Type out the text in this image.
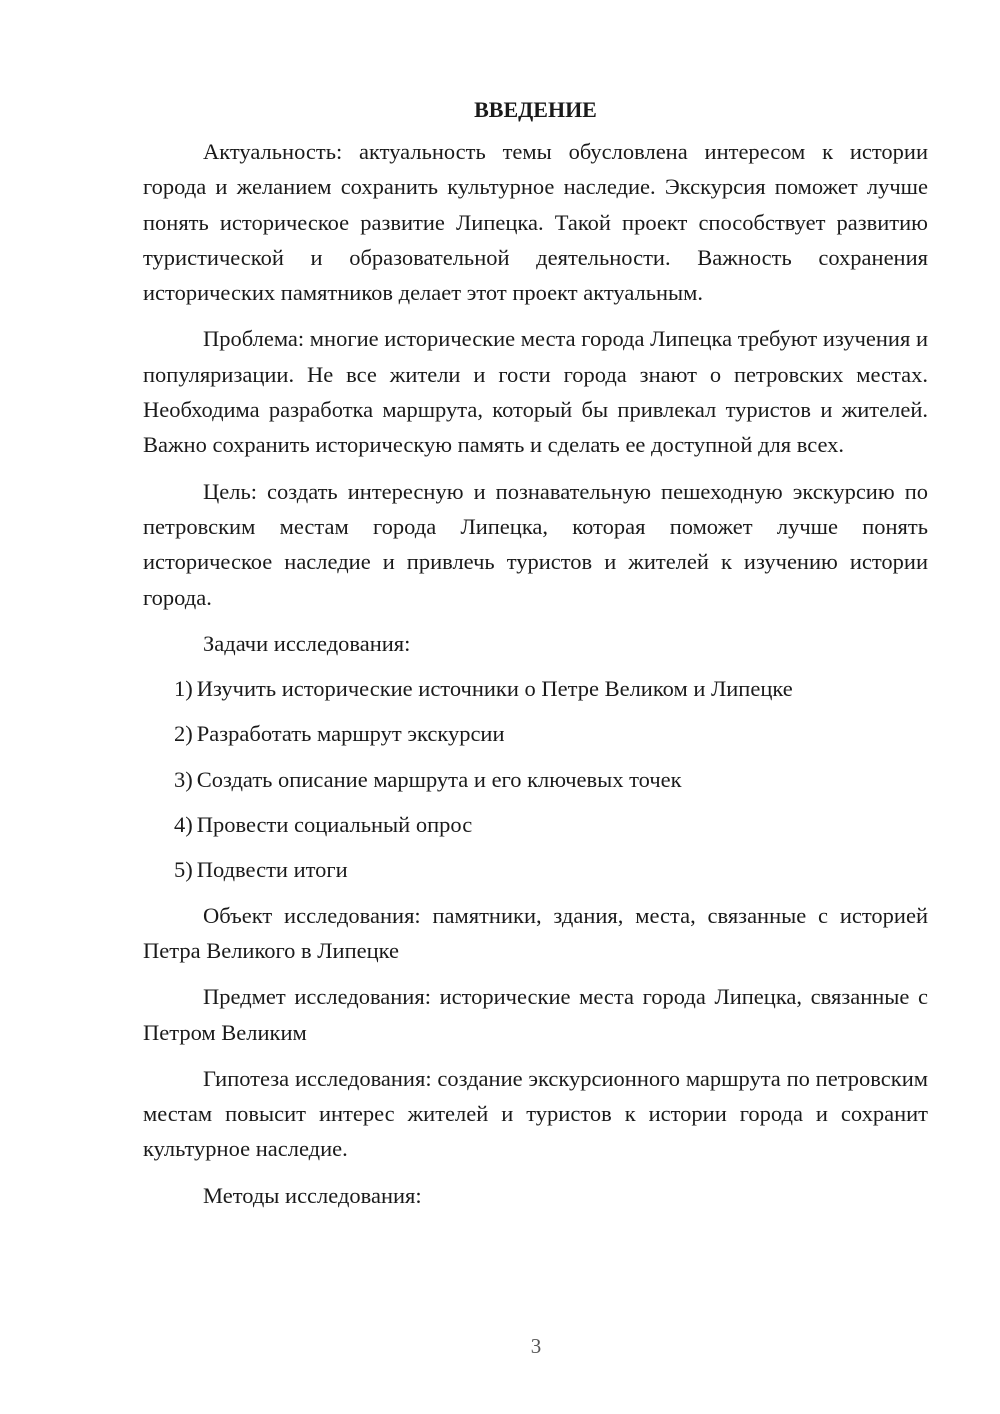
ВВЕДЕНИЕ

Актуальность: актуальность темы обусловлена интересом к истории города и желанием сохранить культурное наследие. Экскурсия поможет лучше понять историческое развитие Липецка. Такой проект способствует развитию туристической и образовательной деятельности. Важность сохранения исторических памятников делает этот проект актуальным.

Проблема: многие исторические места города Липецка требуют изучения и популяризации. Не все жители и гости города знают о петровских местах. Необходима разработка маршрута, который бы привлекал туристов и жителей. Важно сохранить историческую память и сделать ее доступной для всех.

Цель: создать интересную и познавательную пешеходную экскурсию по петровским местам города Липецка, которая поможет лучше понять историческое наследие и привлечь туристов и жителей к изучению истории города.

Задачи исследования:

1) Изучить исторические источники о Петре Великом и Липецке
2) Разработать маршрут экскурсии
3) Создать описание маршрута и его ключевых точек
4) Провести социальный опрос
5) Подвести итоги

Объект исследования: памятники, здания, места, связанные с историей Петра Великого в Липецке

Предмет исследования: исторические места города Липецка, связанные с Петром Великим

Гипотеза исследования: создание экскурсионного маршрута по петровским местам повысит интерес жителей и туристов к истории города и сохранит культурное наследие.

Методы исследования:

3
